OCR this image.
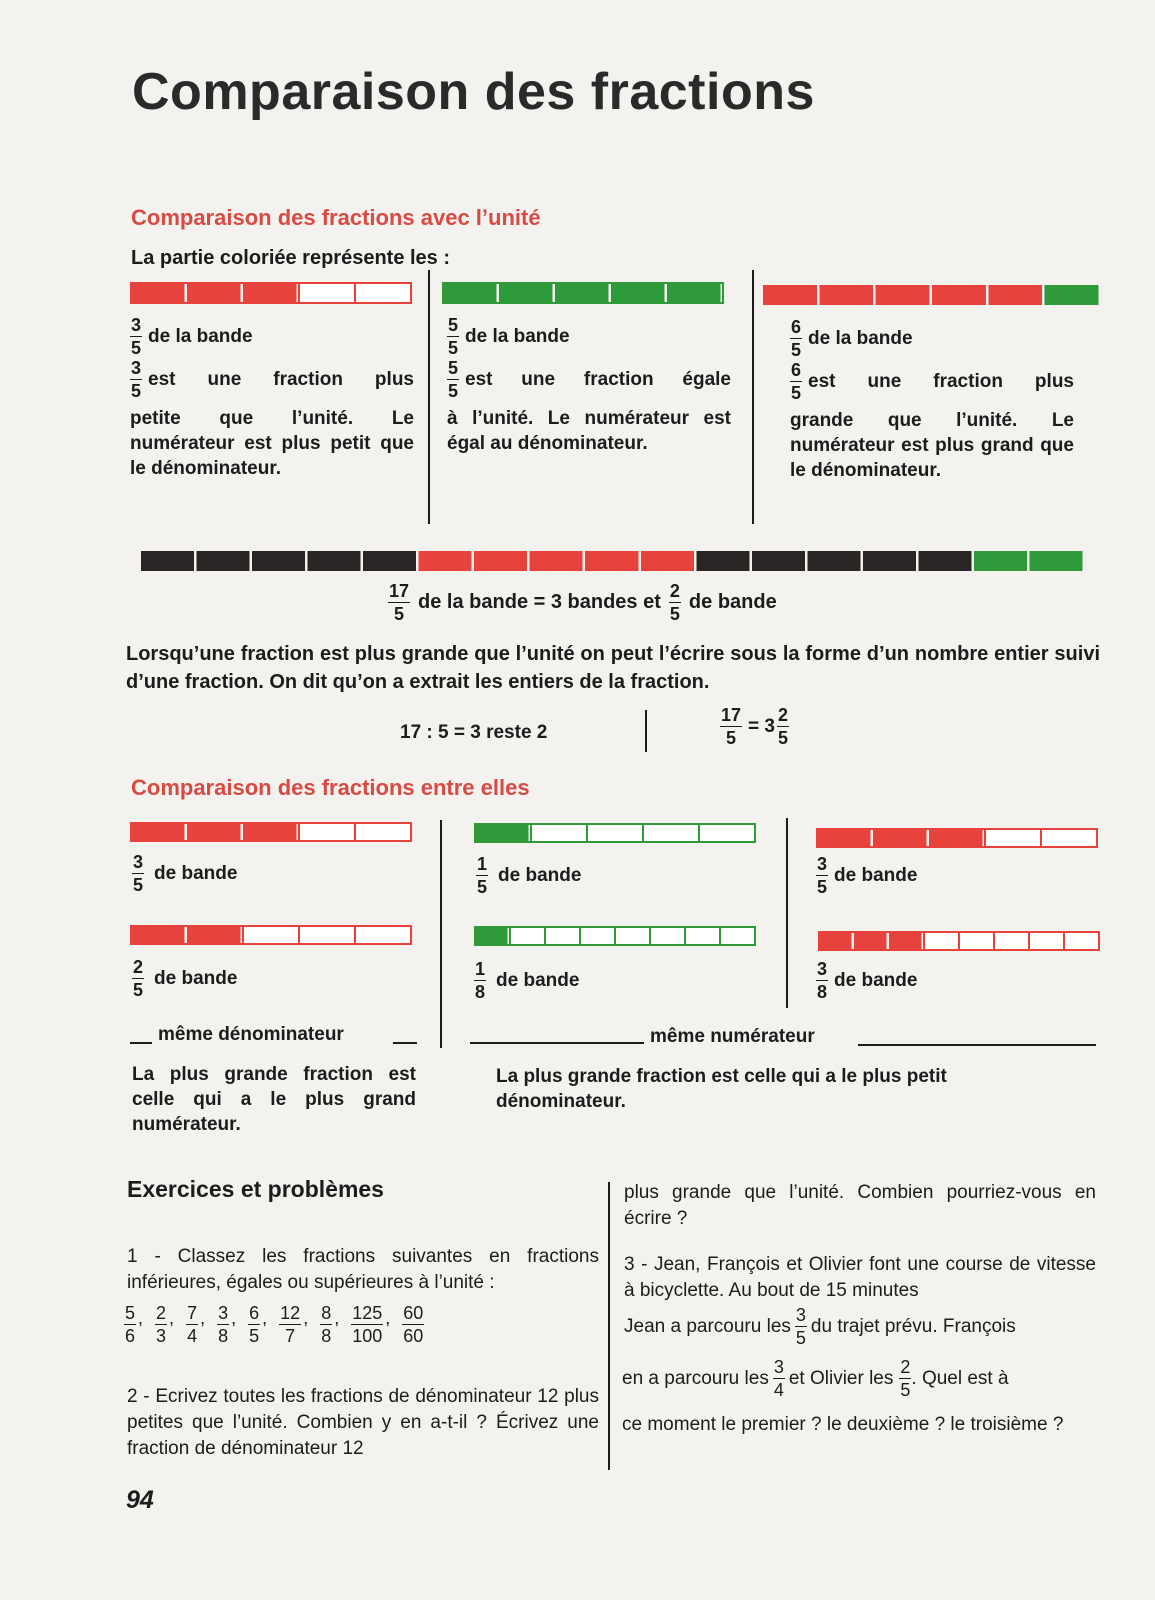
Comparaison des fractions
Comparaison des fractions avec l’unité
La partie coloriée représente les :
$\frac{3}{5}$ de la bande
$\frac{3}{5}$ est une fraction plus
petite que l’unité. Le numérateur est plus petit que le dénominateur.
$\frac{5}{5}$ de la bande
$\frac{5}{5}$ est une fraction égale
à l’unité. Le numérateur est égal au dénominateur.
$\frac{6}{5}$ de la bande
$\frac{6}{5}$ est une fraction plus
grande que l’unité. Le numérateur est plus grand que le dénominateur.
$\frac{17}{5}$ de la bande = 3 bandes et $\frac{2}{5}$ de bande
Lorsqu’une fraction est plus grande que l’unité on peut l’écrire sous la forme d’un nombre entier suivi d’une fraction. On dit qu’on a extrait les entiers de la fraction.
17 : 5 = 3 reste 2	$\frac{17}{5} = 3 \frac{2}{5}$
Comparaison des fractions entre elles
$\frac{3}{5}$ de bande
$\frac{2}{5}$ de bande
$\frac{1}{5}$ de bande
$\frac{1}{8}$ de bande
$\frac{3}{5}$ de bande
$\frac{3}{8}$ de bande
même dénominateur	même numérateur
La plus grande fraction est celle qui a le plus grand numérateur.
La plus grande fraction est celle qui a le plus petit dénominateur.
Exercices et problèmes
1 - Classez les fractions suivantes en fractions inférieures, égales ou supérieures à l’unité :
$\frac{5}{6}$ , $\frac{2}{3}$ , $\frac{7}{4}$ , $\frac{3}{8}$ , $\frac{6}{5}$ , $\frac{12}{7}$ , $\frac{8}{8}$ , $\frac{125}{100}$ , $\frac{60}{60}$
2 - Ecrivez toutes les fractions de dénominateur 12 plus petites que l’unité. Combien y en a-t-il ? Écrivez une fraction de dénominateur 12
plus grande que l’unité. Combien pourriez-vous en écrire ?
3 - Jean, François et Olivier font une course de vitesse à bicyclette. Au bout de 15 minutes
Jean a parcouru les $\frac{3}{5}$ du trajet prévu. François
en a parcouru les $\frac{3}{4}$ et Olivier les $\frac{2}{5}$ . Quel est à
ce moment le premier ? le deuxième ? le troisième ?
94
